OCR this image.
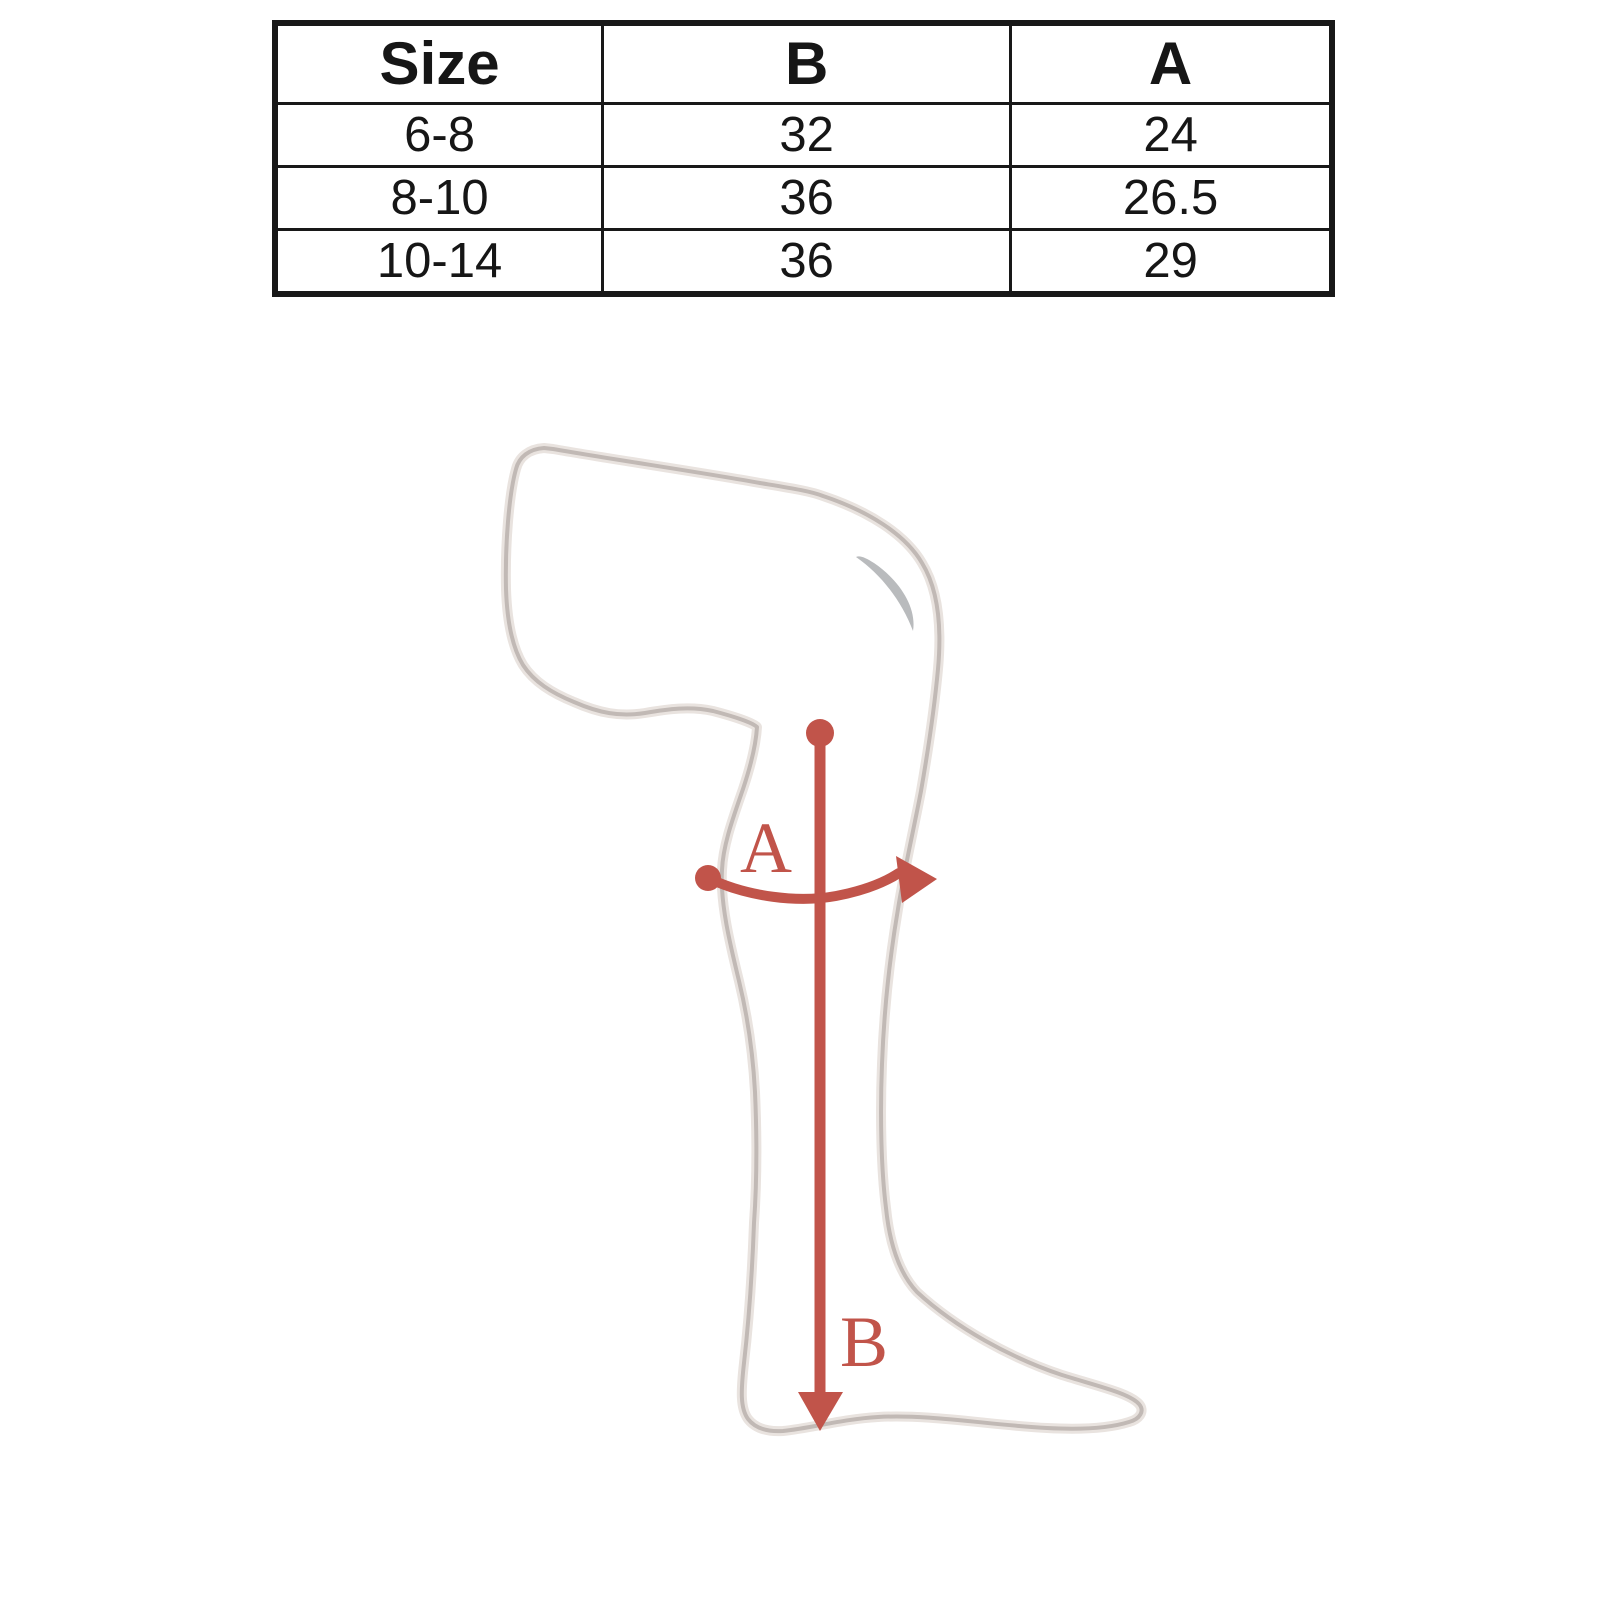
Size	B	A
6-8	32	24
8-10	36	26.5
10-14	36	29
A
B
